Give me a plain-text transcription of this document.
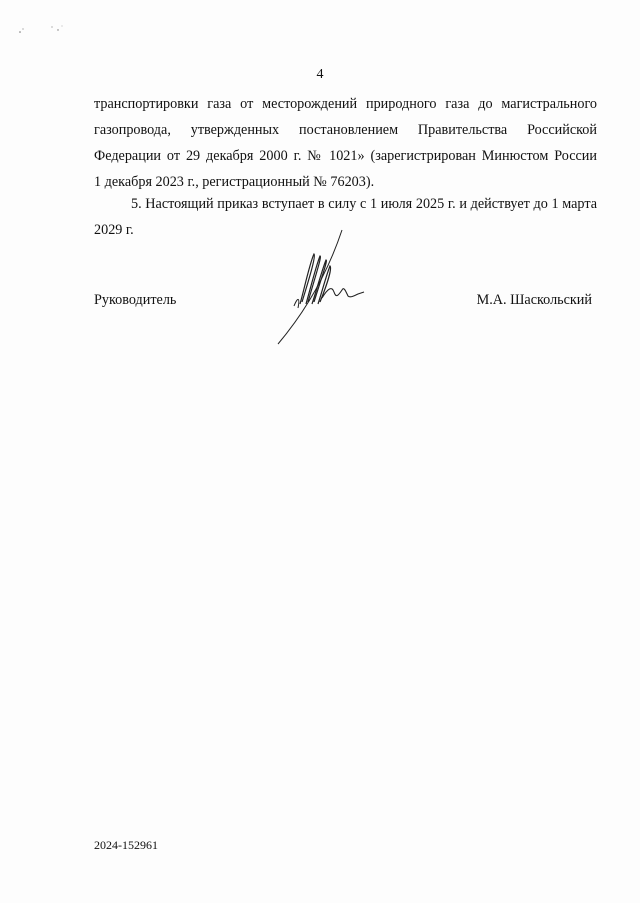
4
транспортировки газа от месторождений природного газа до магистрального
газопровода, утвержденных постановлением Правительства Российской
Федерации от 29 декабря 2000 г. № 1021» (зарегистрирован Минюстом России
1 декабря 2023 г., регистрационный № 76203).
5. Настоящий приказ вступает в силу с 1 июля 2025 г. и действует до 1 марта
2029 г.
Руководитель	М.А. Шаскольский
2024-152961
